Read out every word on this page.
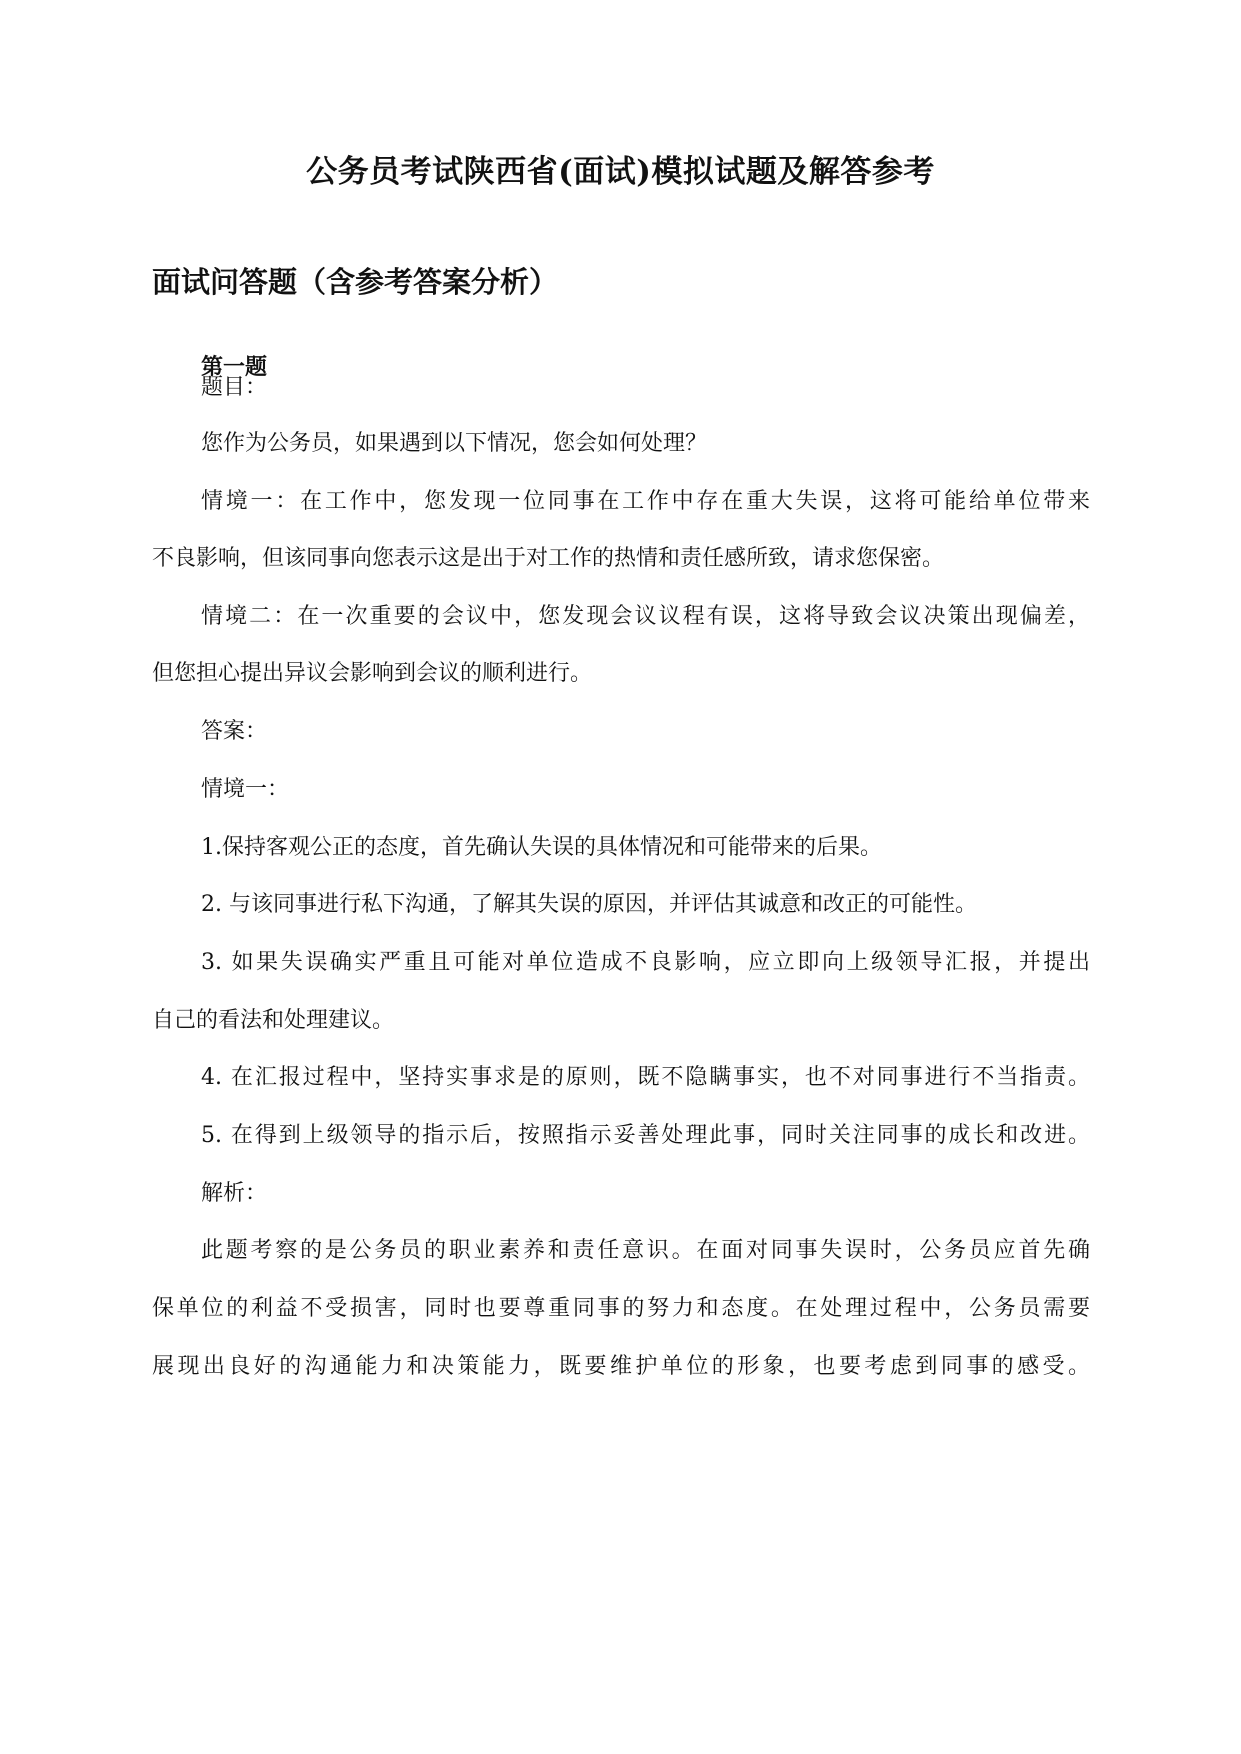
公务员考试陕西省(面试)模拟试题及解答参考
面试问答题（含参考答案分析）
第一题
题目：
您作为公务员，如果遇到以下情况，您会如何处理？
情境一：在工作中，您发现一位同事在工作中存在重大失误，这将可能给单位带来
不良影响，但该同事向您表示这是出于对工作的热情和责任感所致，请求您保密。
情境二：在一次重要的会议中，您发现会议议程有误，这将导致会议决策出现偏差，
但您担心提出异议会影响到会议的顺利进行。
答案：
情境一：
1.保持客观公正的态度，首先确认失误的具体情况和可能带来的后果。
2. 与该同事进行私下沟通，了解其失误的原因，并评估其诚意和改正的可能性。
3. 如果失误确实严重且可能对单位造成不良影响，应立即向上级领导汇报，并提出
自己的看法和处理建议。
4. 在汇报过程中，坚持实事求是的原则，既不隐瞒事实，也不对同事进行不当指责。
5. 在得到上级领导的指示后，按照指示妥善处理此事，同时关注同事的成长和改进。
解析：
此题考察的是公务员的职业素养和责任意识。在面对同事失误时，公务员应首先确
保单位的利益不受损害，同时也要尊重同事的努力和态度。在处理过程中，公务员需要
展现出良好的沟通能力和决策能力，既要维护单位的形象，也要考虑到同事的感受。
